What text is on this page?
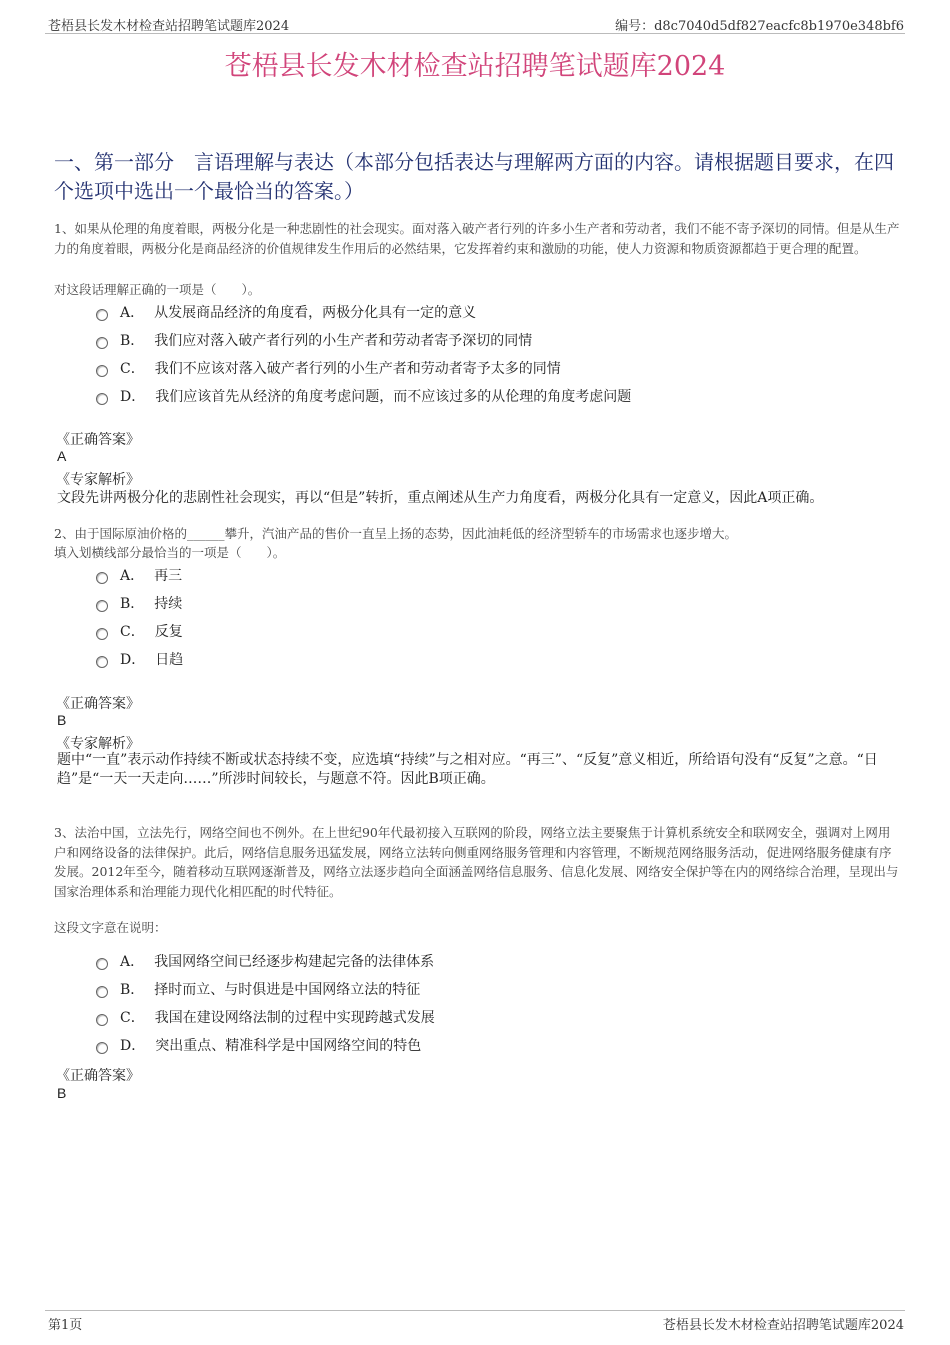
苍梧县长发木材检查站招聘笔试题库2024	编号：d8c7040d5df827eacfc8b1970e348bf6
苍梧县长发木材检查站招聘笔试题库2024
一、第一部分　言语理解与表达（本部分包括表达与理解两方面的内容。请根据题目要求，在四个选项中选出一个最恰当的答案。）
1、如果从伦理的角度着眼，两极分化是一种悲剧性的社会现实。面对落入破产者行列的许多小生产者和劳动者，我们不能不寄予深切的同情。但是从生产力的角度着眼，两极分化是商品经济的价值规律发生作用后的必然结果，它发挥着约束和激励的功能，使人力资源和物质资源都趋于更合理的配置。
对这段话理解正确的一项是（　　）。
A． 从发展商品经济的角度看，两极分化具有一定的意义
B． 我们应对落入破产者行列的小生产者和劳动者寄予深切的同情
C． 我们不应该对落入破产者行列的小生产者和劳动者寄予太多的同情
D． 我们应该首先从经济的角度考虑问题，而不应该过多的从伦理的角度考虑问题
《正确答案》
A
《专家解析》
文段先讲两极分化的悲剧性社会现实，再以“但是”转折，重点阐述从生产力角度看，两极分化具有一定意义，因此A项正确。
2、由于国际原油价格的______攀升，汽油产品的售价一直呈上扬的态势，因此油耗低的经济型轿车的市场需求也逐步增大。
填入划横线部分最恰当的一项是（　　）。
A． 再三
B． 持续
C． 反复
D． 日趋
《正确答案》
B
《专家解析》
题中“一直”表示动作持续不断或状态持续不变，应选填“持续”与之相对应。“再三”、“反复”意义相近，所给语句没有“反复”之意。“日趋”是“一天一天走向……”所涉时间较长，与题意不符。因此B项正确。
3、法治中国，立法先行，网络空间也不例外。在上世纪90年代最初接入互联网的阶段，网络立法主要聚焦于计算机系统安全和联网安全，强调对上网用户和网络设备的法律保护。此后，网络信息服务迅猛发展，网络立法转向侧重网络服务管理和内容管理，不断规范网络服务活动，促进网络服务健康有序发展。2012年至今，随着移动互联网逐渐普及，网络立法逐步趋向全面涵盖网络信息服务、信息化发展、网络安全保护等在内的网络综合治理，呈现出与国家治理体系和治理能力现代化相匹配的时代特征。
这段文字意在说明：
A． 我国网络空间已经逐步构建起完备的法律体系
B． 择时而立、与时俱进是中国网络立法的特征
C． 我国在建设网络法制的过程中实现跨越式发展
D． 突出重点、精准科学是中国网络空间的特色
《正确答案》
B
第1页	苍梧县长发木材检查站招聘笔试题库2024
